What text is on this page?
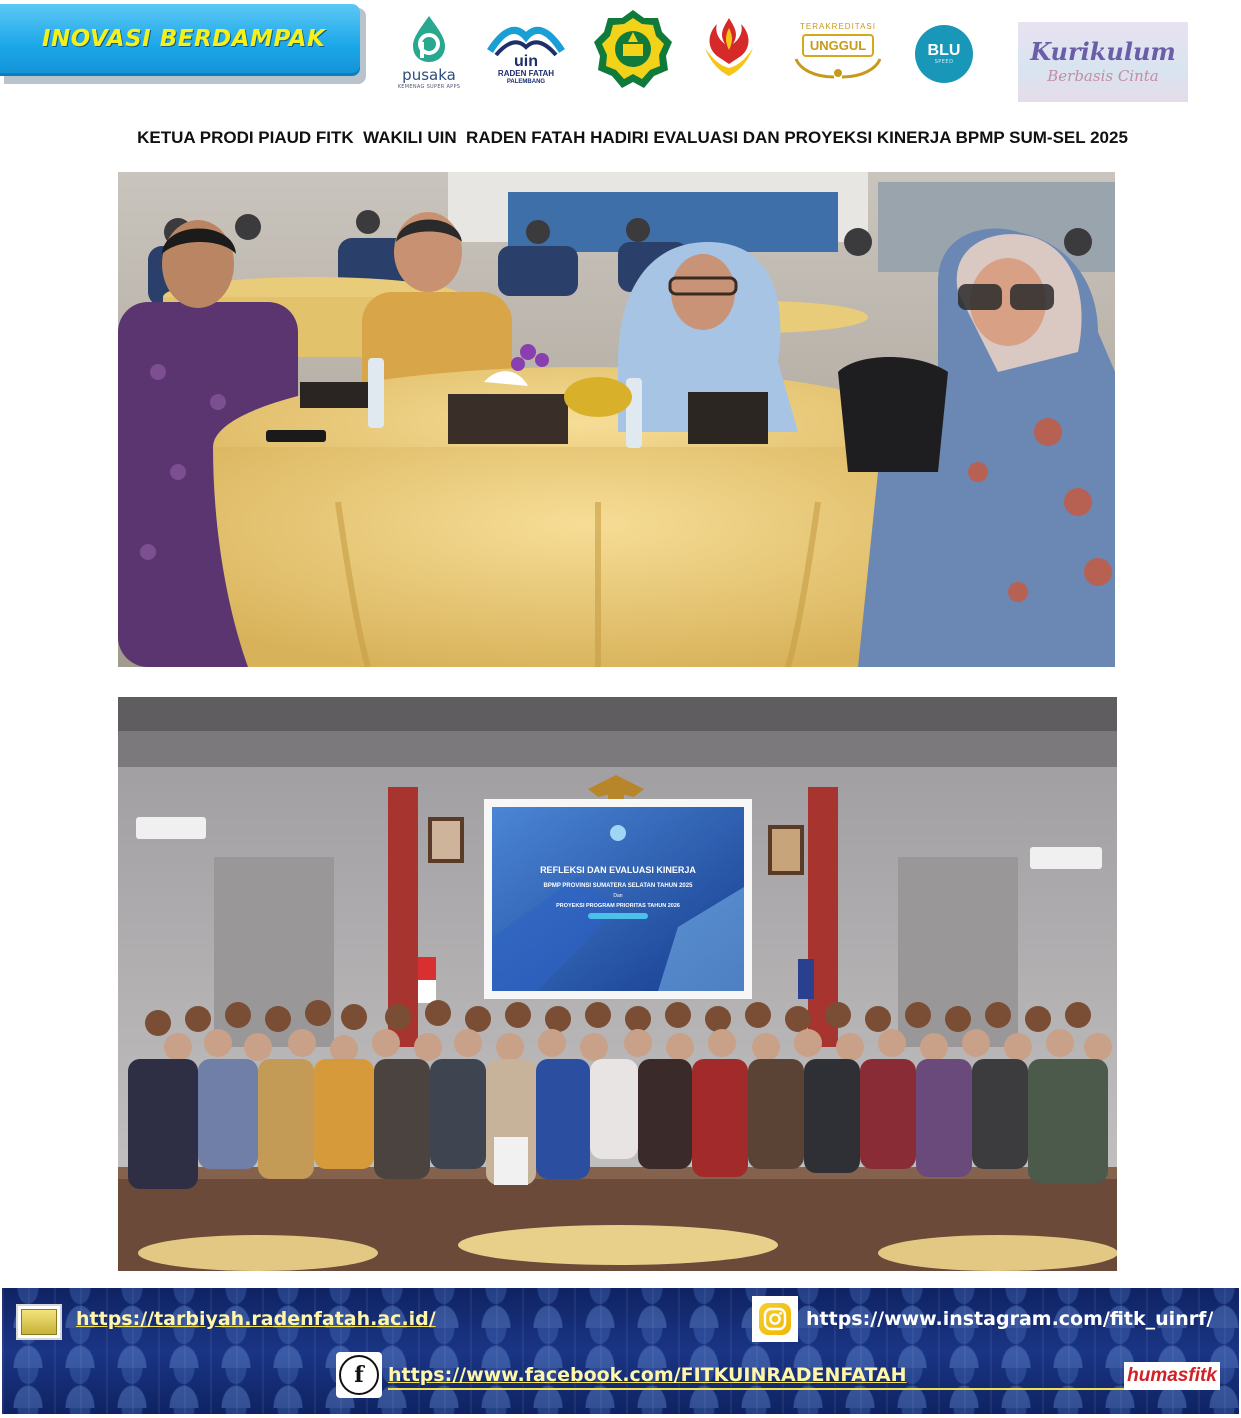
INOVASI BERDAMPAK
pusaka
KEMENAG SUPER APPS
uin
RADEN FATAH
PALEMBANG
TERAKREDITASI
UNGGUL	BLU
SPEED	Kurikulum
Berbasis Cinta
KETUA PRODI PIAUD FITK  WAKILI UIN  RADEN FATAH HADIRI EVALUASI DAN PROYEKSI KINERJA BPMP SUM-SEL 2025
REFLEKSI DAN EVALUASI KINERJA
BPMP PROVINSI SUMATERA SELATAN TAHUN 2025
Dan
PROYEKSI PROGRAM PRIORITAS TAHUN 2026
https://tarbiyah.radenfatah.ac.id/	https://www.instagram.com/fitk_uinrf/
f	https://www.facebook.com/FITKUINRADENFATAH	humasfitk
